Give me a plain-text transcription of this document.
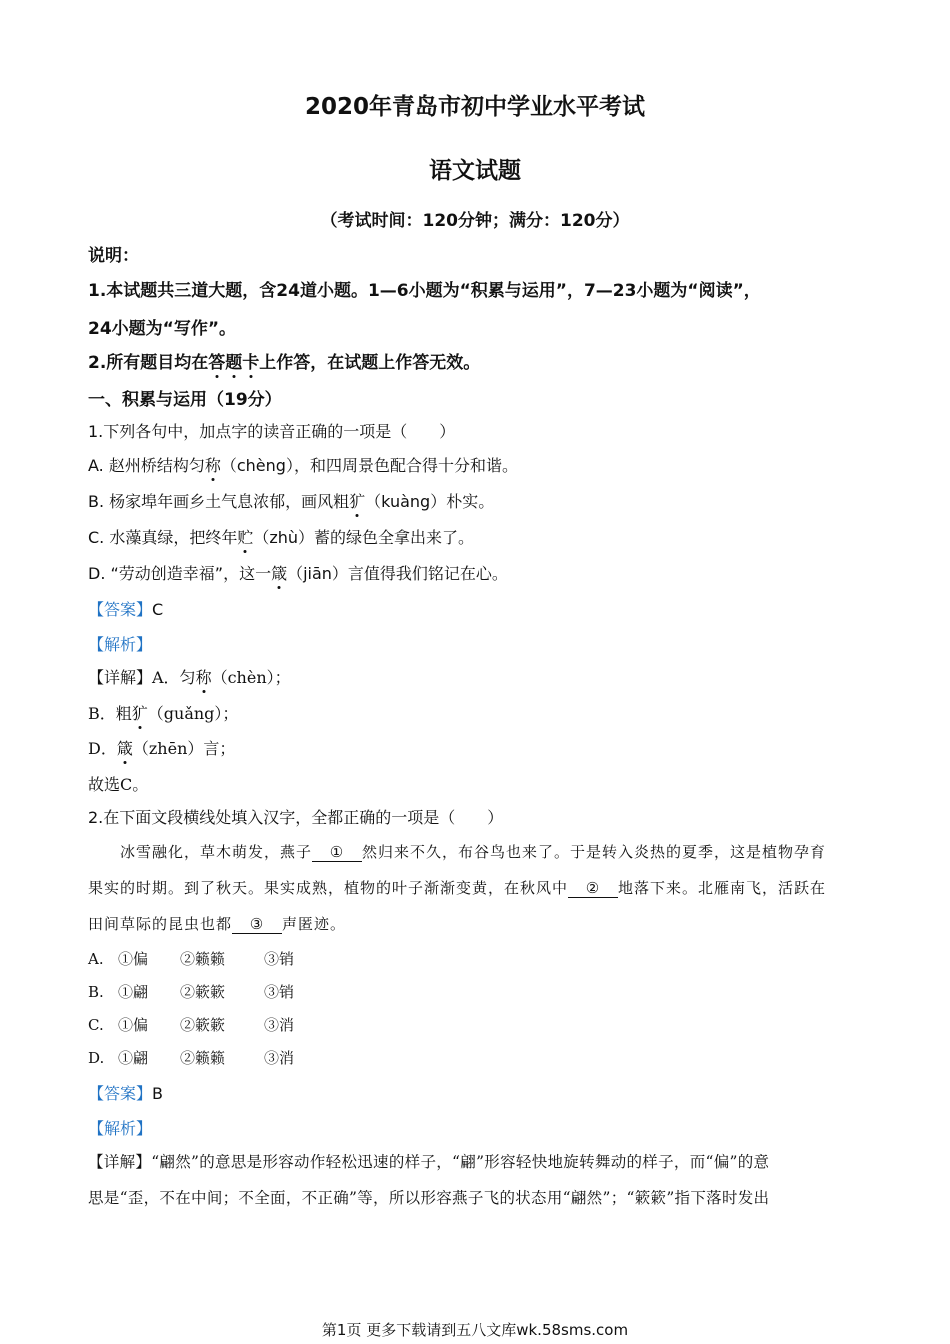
2020年青岛市初中学业水平考试
语文试题
（考试时间：120分钟；满分：120分）
说明：
1.本试题共三道大题，含24道小题。1—6小题为“积累与运用”，7—23小题为“阅读”，
24小题为“写作”。
2.所有题目均在答题卡上作答，在试题上作答无效。
一、积累与运用（19分）
1.下列各句中，加点字的读音正确的一项是（　　）
A. 赵州桥结构匀称（chèng），和四周景色配合得十分和谐。
B. 杨家埠年画乡土气息浓郁，画风粗犷（kuàng）朴实。
C. 水藻真绿，把终年贮（zhù）蓄的绿色全拿出来了。
D. “劳动创造幸福”，这一箴（jiān）言值得我们铭记在心。
【答案】C
【解析】
【详解】A．匀称（chèn）；
B．粗犷（guǎng）；
D．箴（zhēn）言；
故选C。
2.在下面文段横线处填入汉字，全都正确的一项是（　　）
冰雪融化，草木萌发，燕子 ① 然归来不久，布谷鸟也来了。于是转入炎热的夏季，这是植物孕育
果实的时期。到了秋天。果实成熟，植物的叶子渐渐变黄，在秋风中 ② 地落下来。北雁南飞，活跃在
田间草际的昆虫也都 ③ 声匿迹。
A. ①偏 ②籁籁	③销
B. ①翩 ②簌簌	③销
C. ①偏 ②簌簌	③消
D. ①翩 ②籁籁	③消
【答案】B
【解析】
【详解】“翩然”的意思是形容动作轻松迅速的样子，“翩”形容轻快地旋转舞动的样子，而“偏”的意
思是“歪，不在中间；不全面，不正确”等，所以形容燕子飞的状态用“翩然”；“簌簌”指下落时发出
第1页 更多下载请到五八文库wk.58sms.com
